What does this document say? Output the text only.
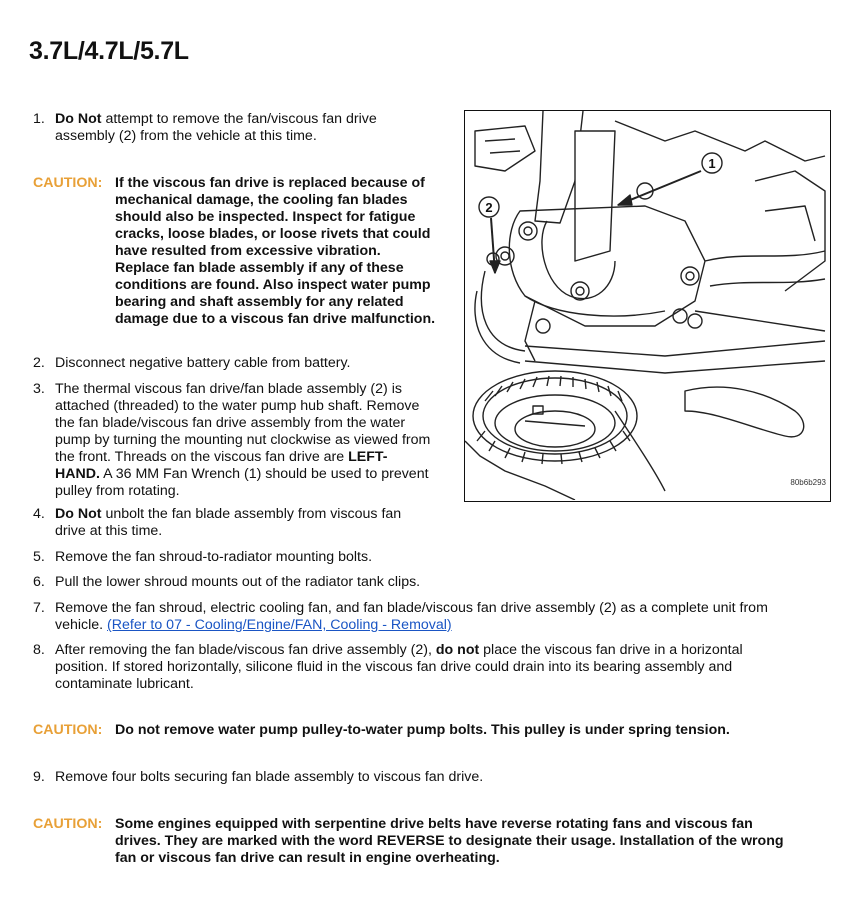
3.7L/4.7L/5.7L
1. Do Not attempt to remove the fan/viscous fan drive
assembly (2) from the vehicle at this time.
CAUTION: If the viscous fan drive is replaced because of
mechanical damage, the cooling fan blades
should also be inspected. Inspect for fatigue
cracks, loose blades, or loose rivets that could
have resulted from excessive vibration.
Replace fan blade assembly if any of these
conditions are found. Also inspect water pump
bearing and shaft assembly for any related
damage due to a viscous fan drive malfunction.
2. Disconnect negative battery cable from battery.
3. The thermal viscous fan drive/fan blade assembly (2) is
attached (threaded) to the water pump hub shaft. Remove
the fan blade/viscous fan drive assembly from the water
pump by turning the mounting nut clockwise as viewed from
the front. Threads on the viscous fan drive are LEFT-
HAND. A 36 MM Fan Wrench (1) should be used to prevent
pulley from rotating.
4. Do Not unbolt the fan blade assembly from viscous fan
drive at this time.
5. Remove the fan shroud-to-radiator mounting bolts.
6. Pull the lower shroud mounts out of the radiator tank clips.
7. Remove the fan shroud, electric cooling fan, and fan blade/viscous fan drive assembly (2) as a complete unit from
vehicle. (Refer to 07 - Cooling/Engine/FAN, Cooling - Removal)
8. After removing the fan blade/viscous fan drive assembly (2), do not place the viscous fan drive in a horizontal
position. If stored horizontally, silicone fluid in the viscous fan drive could drain into its bearing assembly and
contaminate lubricant.
CAUTION: Do not remove water pump pulley-to-water pump bolts. This pulley is under spring tension.
9. Remove four bolts securing fan blade assembly to viscous fan drive.
CAUTION: Some engines equipped with serpentine drive belts have reverse rotating fans and viscous fan
drives. They are marked with the word REVERSE to designate their usage. Installation of the wrong
fan or viscous fan drive can result in engine overheating.
1
2
80b6b293
